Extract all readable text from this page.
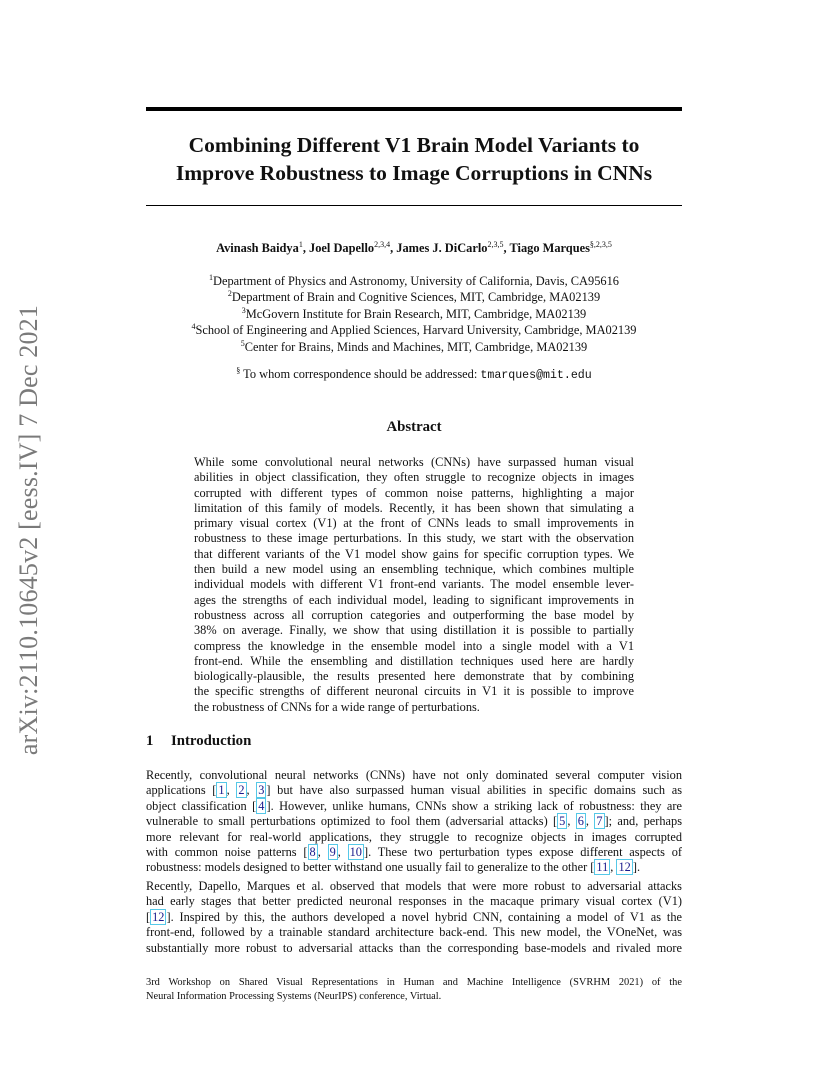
arXiv:2110.10645v2 [eess.IV] 7 Dec 2021
Combining Different V1 Brain Model Variants to
Improve Robustness to Image Corruptions in CNNs
Avinash Baidya$^1$, Joel Dapello$^{2,3,4}$, James J. DiCarlo$^{2,3,5}$, Tiago Marques$^{\S,2,3,5}$
$^1$Department of Physics and Astronomy, University of California, Davis, CA95616
$^2$Department of Brain and Cognitive Sciences, MIT, Cambridge, MA02139
$^3$McGovern Institute for Brain Research, MIT, Cambridge, MA02139
$^4$School of Engineering and Applied Sciences, Harvard University, Cambridge, MA02139
$^5$Center for Brains, Minds and Machines, MIT, Cambridge, MA02139
§ To whom correspondence should be addressed: tmarques@mit.edu
Abstract
While some convolutional neural networks (CNNs) have surpassed human visual
abilities in object classification, they often struggle to recognize objects in images
corrupted with different types of common noise patterns, highlighting a major
limitation of this family of models. Recently, it has been shown that simulating a
primary visual cortex (V1) at the front of CNNs leads to small improvements in
robustness to these image perturbations. In this study, we start with the observation
that different variants of the V1 model show gains for specific corruption types. We
then build a new model using an ensembling technique, which combines multiple
individual models with different V1 front-end variants. The model ensemble lever-
ages the strengths of each individual model, leading to significant improvements in
robustness across all corruption categories and outperforming the base model by
38% on average. Finally, we show that using distillation it is possible to partially
compress the knowledge in the ensemble model into a single model with a V1
front-end. While the ensembling and distillation techniques used here are hardly
biologically-plausible, the results presented here demonstrate that by combining
the specific strengths of different neuronal circuits in V1 it is possible to improve
the robustness of CNNs for a wide range of perturbations.
1 Introduction
Recently, convolutional neural networks (CNNs) have not only dominated several computer vision
applications [ 1 , 2 , 3 ] but have also surpassed human visual abilities in specific domains such as
object classification [ 4 ]. However, unlike humans, CNNs show a striking lack of robustness: they are
vulnerable to small perturbations optimized to fool them (adversarial attacks) [ 5 , 6 , 7 ]; and, perhaps
more relevant for real-world applications, they struggle to recognize objects in images corrupted
with common noise patterns [ 8 , 9 , 10 ]. These two perturbation types expose different aspects of
robustness: models designed to better withstand one usually fail to generalize to the other [ 11 , 12 ].
Recently, Dapello, Marques et al. observed that models that were more robust to adversarial attacks
had early stages that better predicted neuronal responses in the macaque primary visual cortex (V1)
[ 12 ]. Inspired by this, the authors developed a novel hybrid CNN, containing a model of V1 as the
front-end, followed by a trainable standard architecture back-end. This new model, the VOneNet, was
substantially more robust to adversarial attacks than the corresponding base-models and rivaled more
3rd Workshop on Shared Visual Representations in Human and Machine Intelligence (SVRHM 2021) of the
Neural Information Processing Systems (NeurIPS) conference, Virtual.
